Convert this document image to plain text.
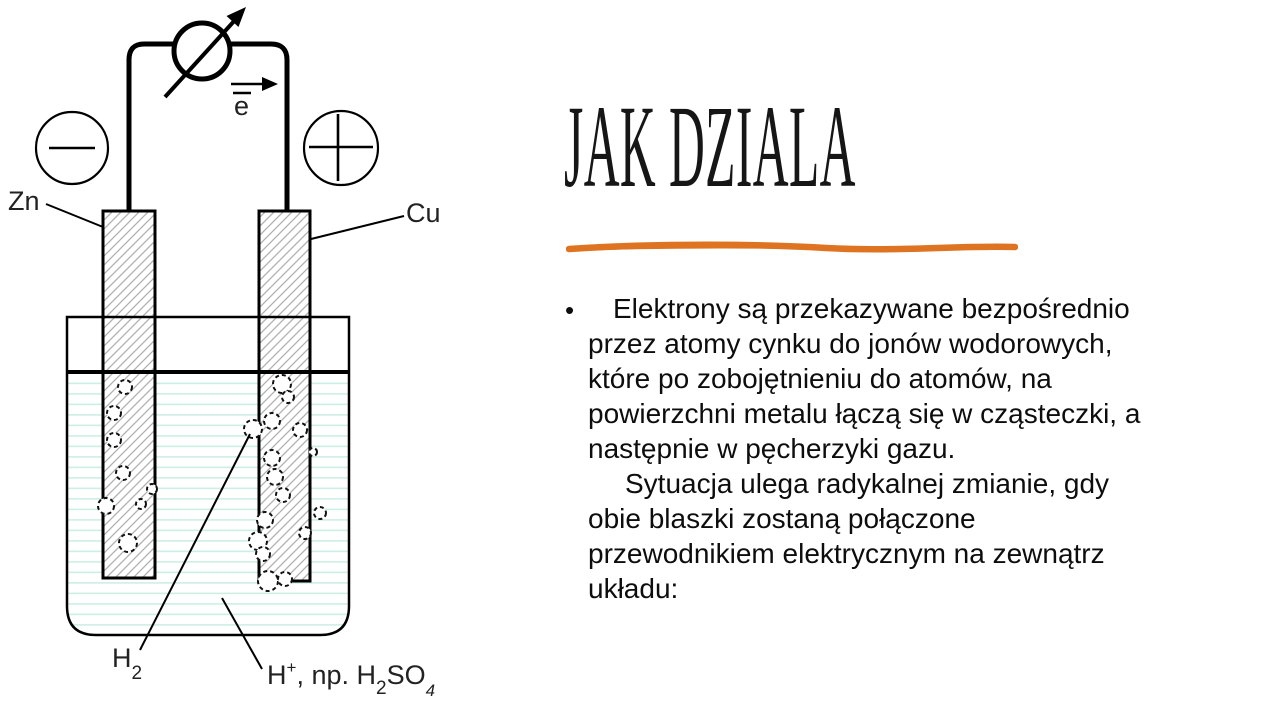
e
Zn	Cu
$H_2$	H+, np. $H_2SO_4$
JAK DZIALA
•	Elektrony są przekazywane bezpośrednio
przez atomy cynku do jonów wodorowych,
które po zobojętnieniu do atomów, na
powierzchni metalu łączą się w cząsteczki, a
następnie w pęcherzyki gazu.
Sytuacja ulega radykalnej zmianie, gdy
obie blaszki zostaną połączone
przewodnikiem elektrycznym na zewnątrz
układu:
